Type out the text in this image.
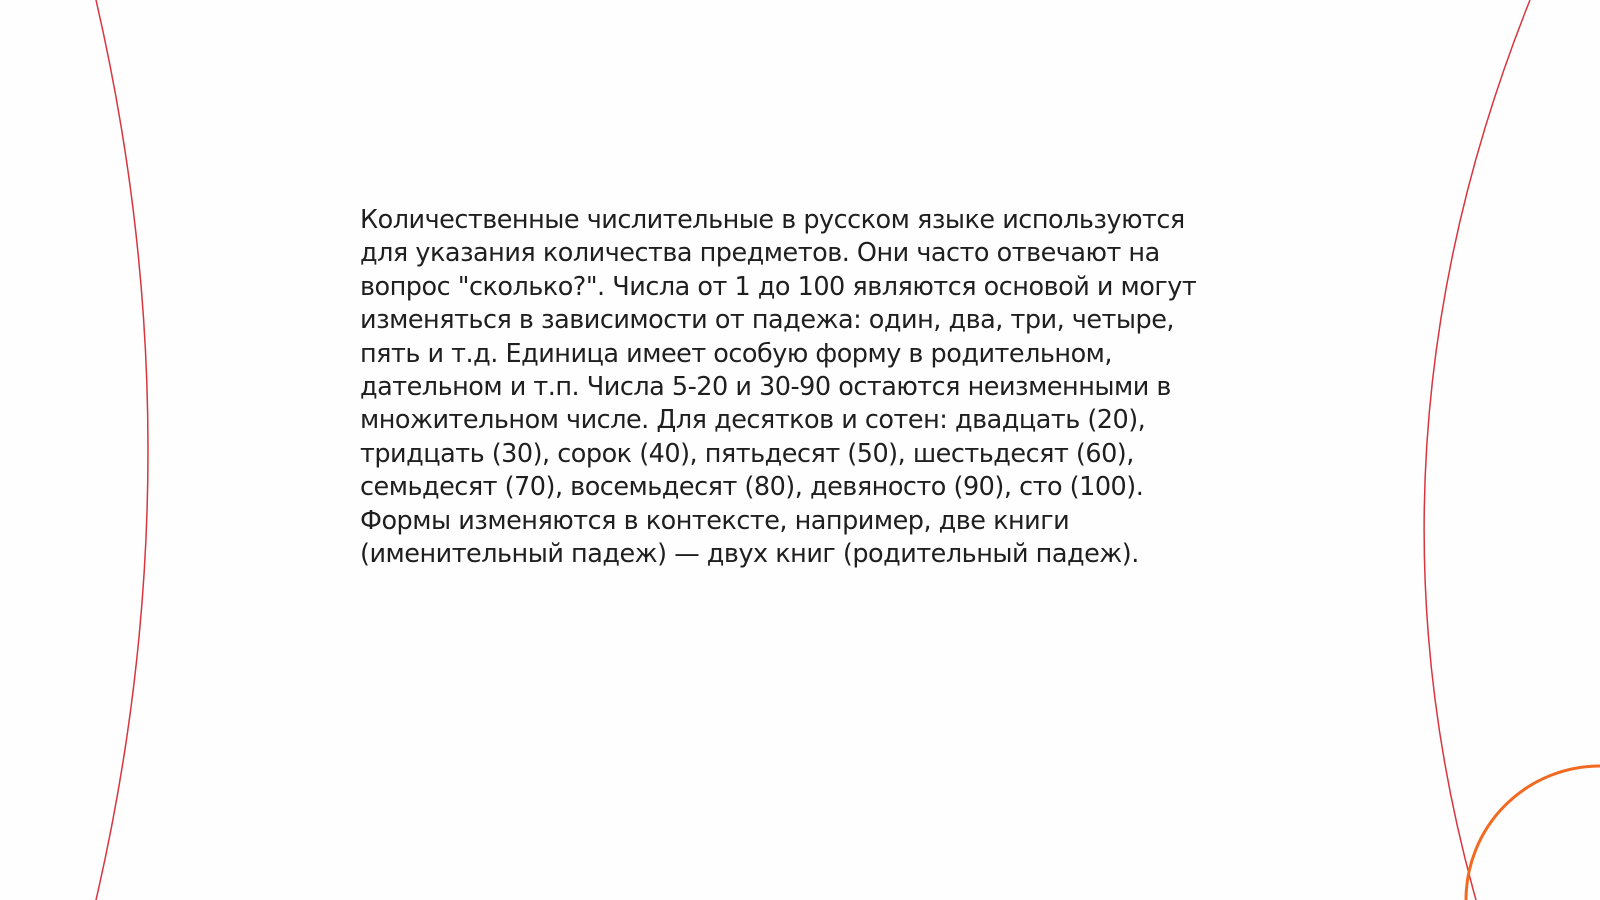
Количественные числительные в русском языке используются для указания количества предметов. Они часто отвечают на вопрос "сколько?". Числа от 1 до 100 являются основой и могут изменяться в зависимости от падежа: один, два, три, четыре, пять и т.д. Единица имеет особую форму в родительном, дательном и т.п. Числа 5-20 и 30-90 остаются неизменными в множительном числе. Для десятков и сотен: двадцать (20), тридцать (30), сорок (40), пятьдесят (50), шестьдесят (60), семьдесят (70), восемьдесят (80), девяносто (90), сто (100). Формы изменяются в контексте, например, две книги (именительный падеж) — двух книг (родительный падеж).
